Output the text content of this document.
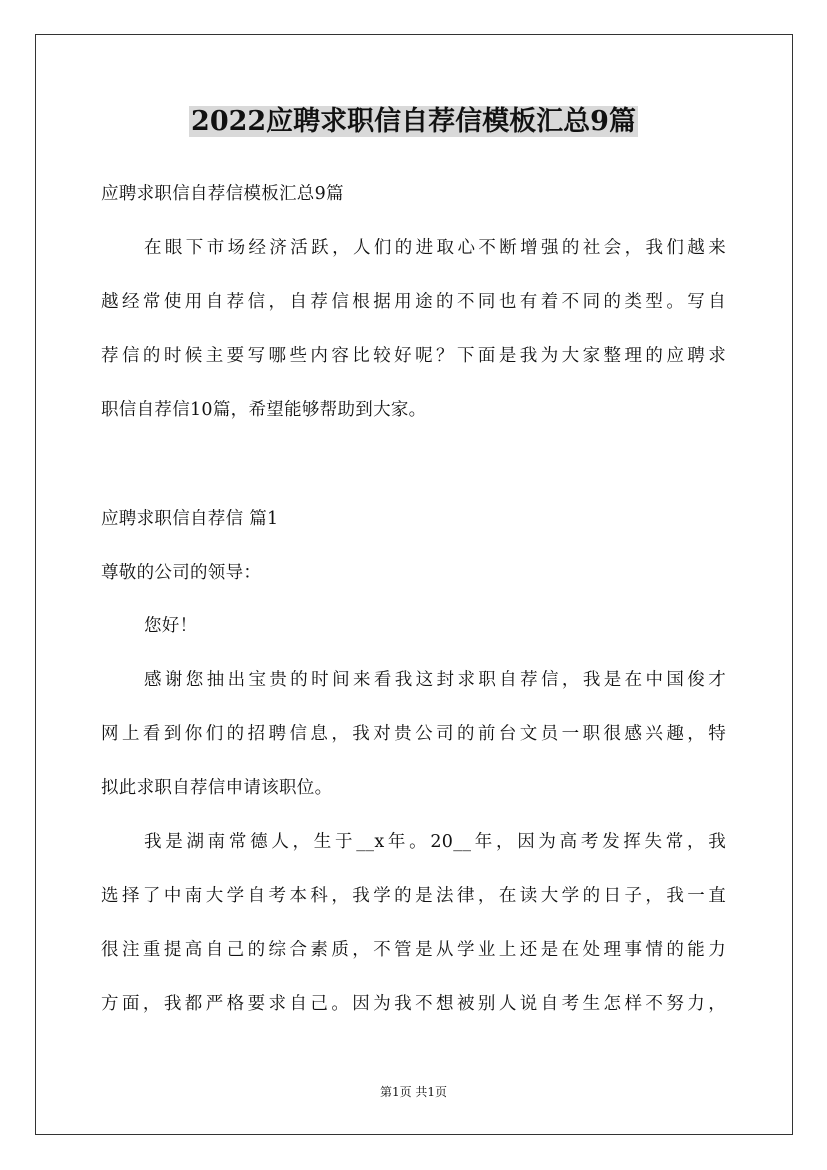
2022应聘求职信自荐信模板汇总9篇
应聘求职信自荐信模板汇总9篇
在眼下市场经济活跃，人们的进取心不断增强的社会，我们越来
越经常使用自荐信，自荐信根据用途的不同也有着不同的类型。写自
荐信的时候主要写哪些内容比较好呢？下面是我为大家整理的应聘求
职信自荐信10篇，希望能够帮助到大家。
应聘求职信自荐信 篇1
尊敬的公司的领导：
您好！
感谢您抽出宝贵的时间来看我这封求职自荐信，我是在中国俊才
网上看到你们的招聘信息，我对贵公司的前台文员一职很感兴趣，特
拟此求职自荐信申请该职位。
我是湖南常德人，生于__x年。20__年，因为高考发挥失常，我
选择了中南大学自考本科，我学的是法律，在读大学的日子，我一直
很注重提高自己的综合素质，不管是从学业上还是在处理事情的能力
方面，我都严格要求自己。因为我不想被别人说自考生怎样不努力，
第1页 共1页
